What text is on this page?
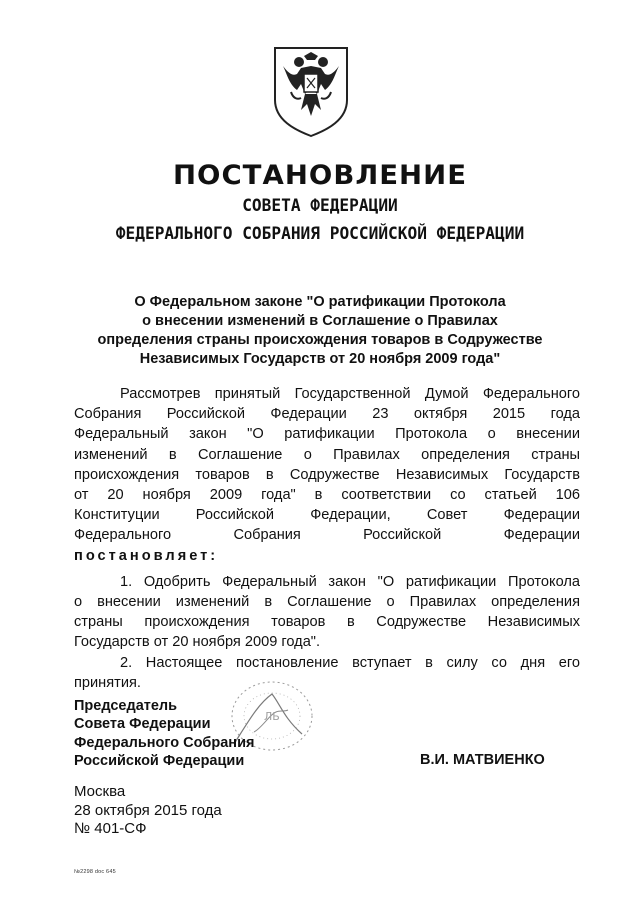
ПОСТАНОВЛЕНИЕ
СОВЕТА ФЕДЕРАЦИИ
ФЕДЕРАЛЬНОГО СОБРАНИЯ РОССИЙСКОЙ ФЕДЕРАЦИИ
О Федеральном законе "О ратификации Протокола
о внесении изменений в Соглашение о Правилах
определения страны происхождения товаров в Содружестве
Независимых Государств от 20 ноября 2009 года"
Рассмотрев принятый Государственной Думой Федерального
Собрания Российской Федерации 23 октября 2015 года
Федеральный закон "О ратификации Протокола о внесении
изменений в Соглашение о Правилах определения страны
происхождения товаров в Содружестве Независимых Государств
от 20 ноября 2009 года" в соответствии со статьей 106
Конституции Российской Федерации, Совет Федерации
Федерального Собрания Российской Федерации
постановляет:
1. Одобрить Федеральный закон "О ратификации Протокола
о внесении изменений в Соглашение о Правилах определения
страны происхождения товаров в Содружестве Независимых
Государств от 20 ноября 2009 года".
2. Настоящее постановление вступает в силу со дня его
принятия.
ЛЬ
Председатель
Совета Федерации
Федерального Собрания
Российской Федерации	В.И. МАТВИЕНКО
Москва
28 октября 2015 года
№ 401-СФ
№2298 doc 645
